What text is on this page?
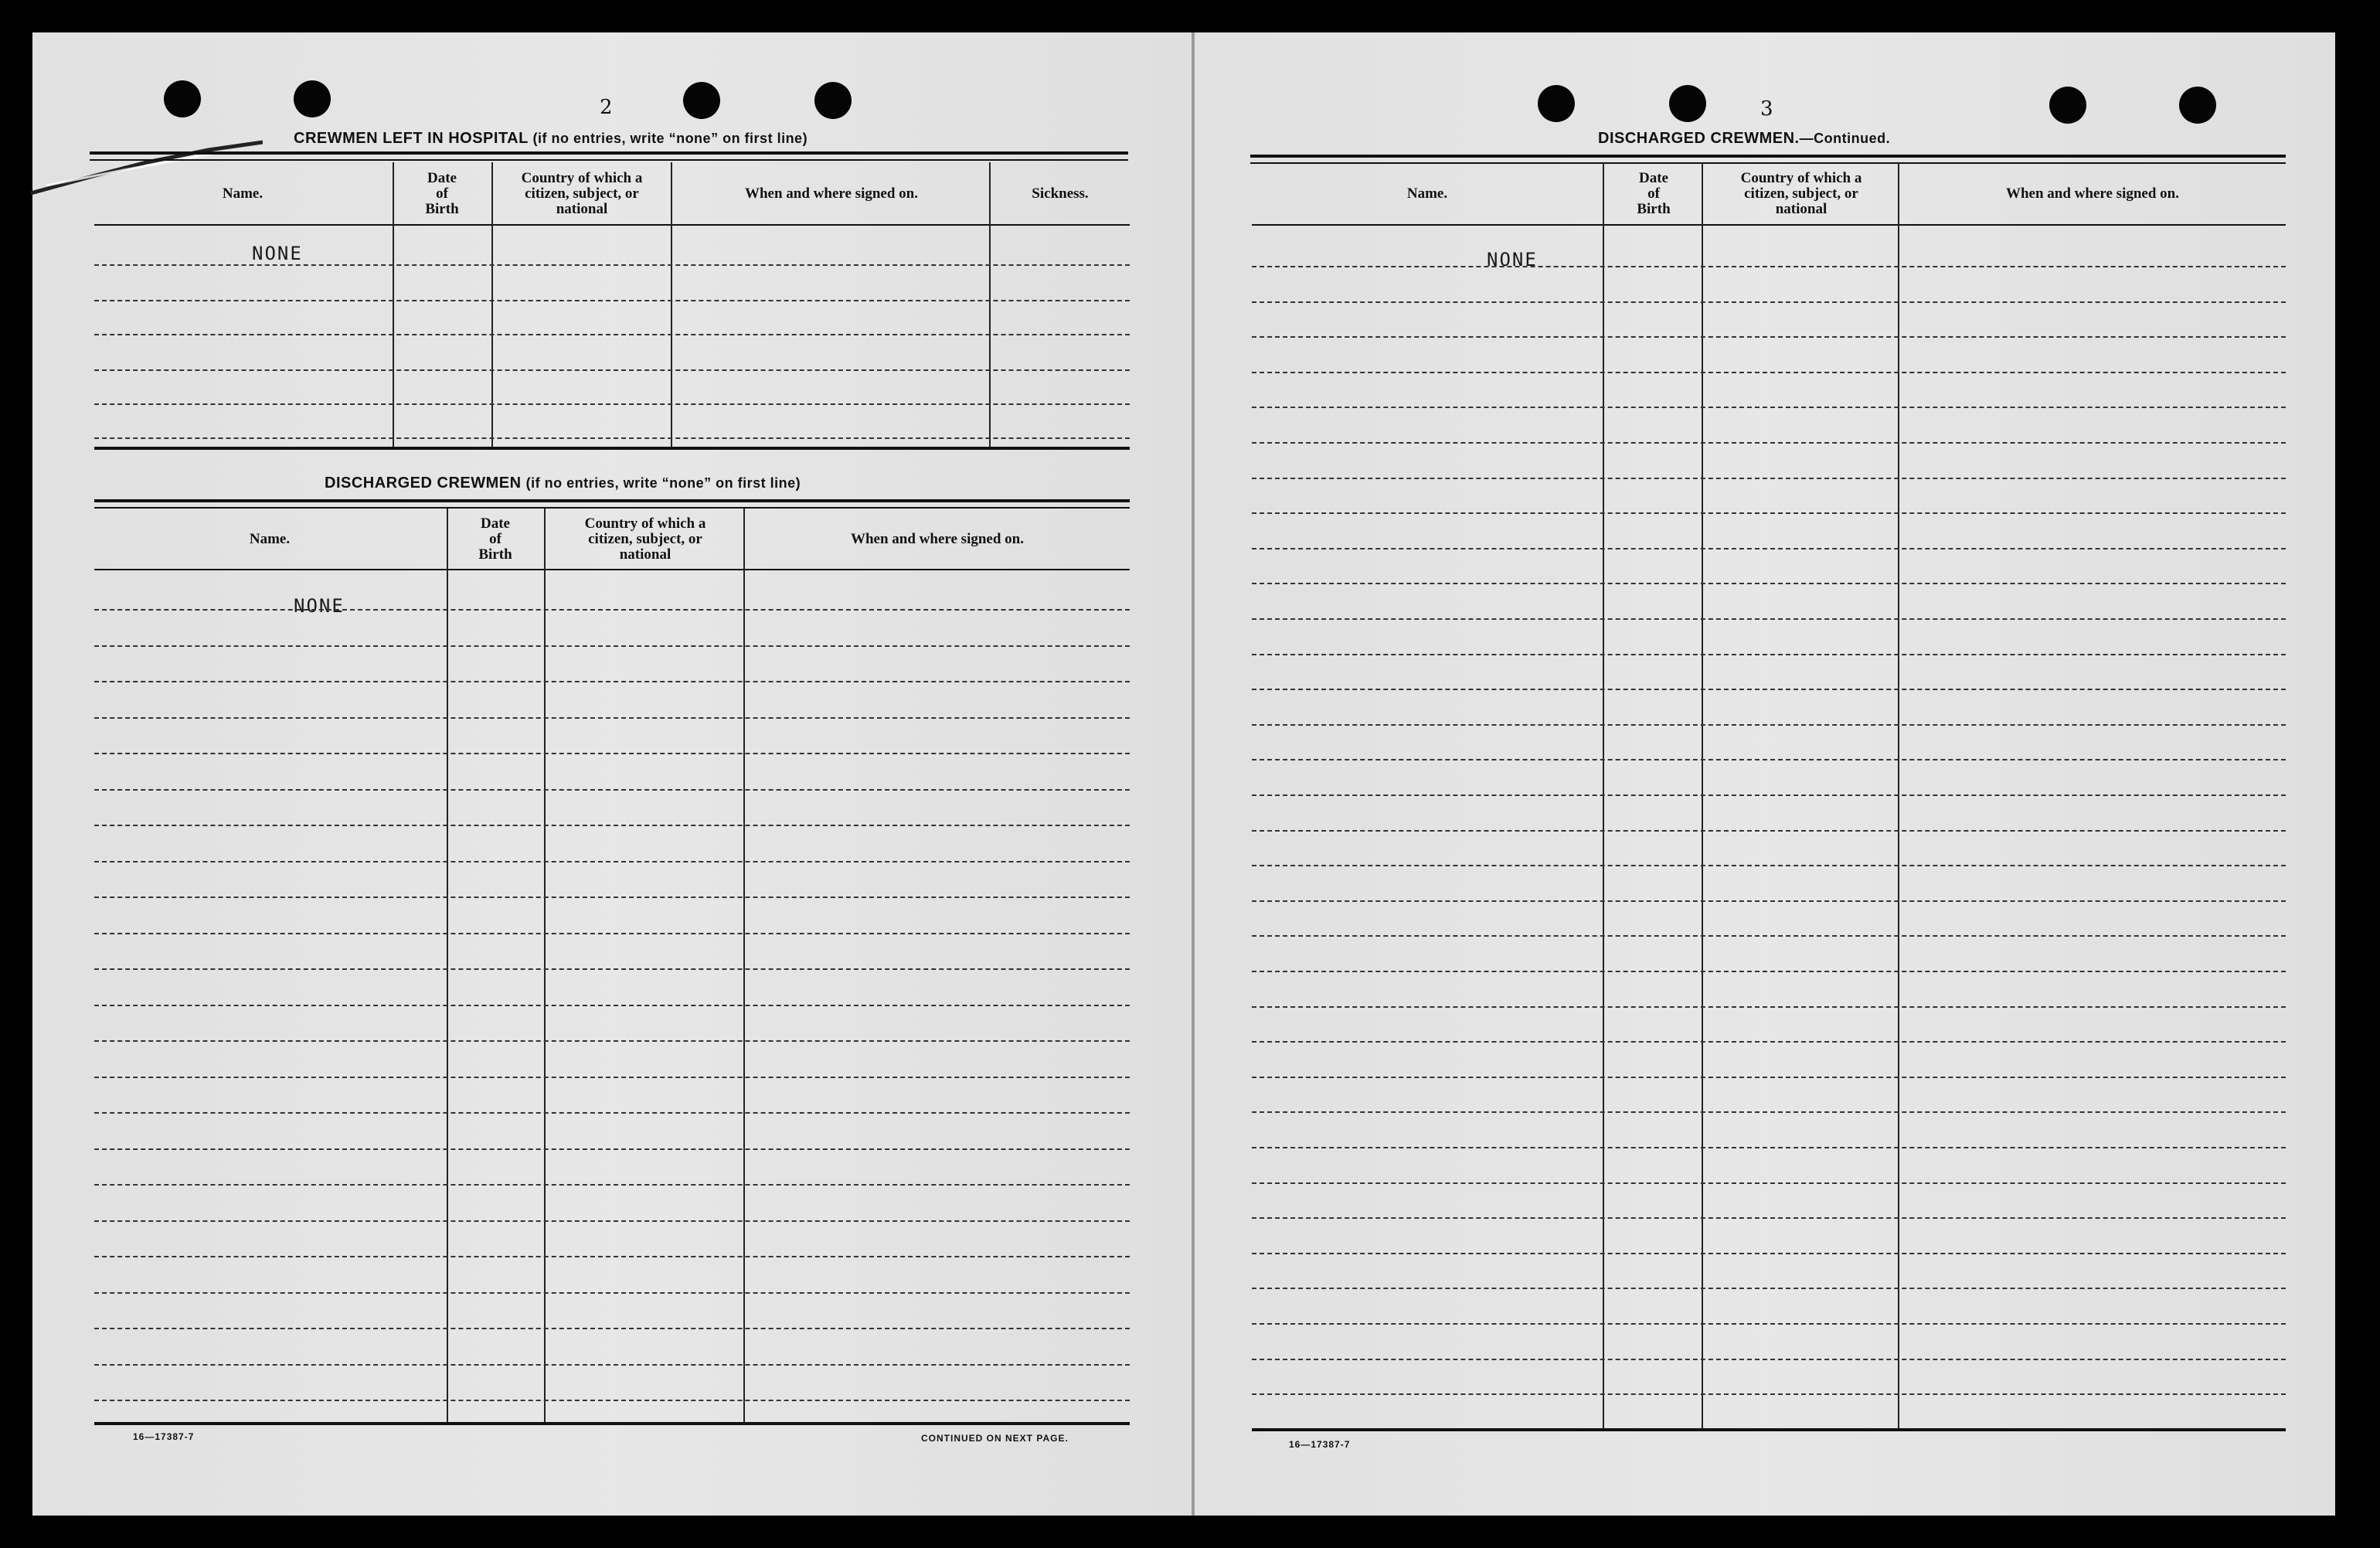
2
CREWMEN LEFT IN HOSPITAL (if no entries, write “none” on first line)
Name.
Date
of
Birth
Country of which a
citizen, subject, or
national
When and where signed on.	Sickness.
NONE
DISCHARGED CREWMEN (if no entries, write “none” on first line)
Name.
Date
of
Birth
Country of which a
citizen, subject, or
national
When and where signed on.
NONE
16—17387-7	CONTINUED ON NEXT PAGE.
3
DISCHARGED CREWMEN.—Continued.
Name.
Date
of
Birth
Country of which a
citizen, subject, or
national
When and where signed on.
NONE
16—17387-7
